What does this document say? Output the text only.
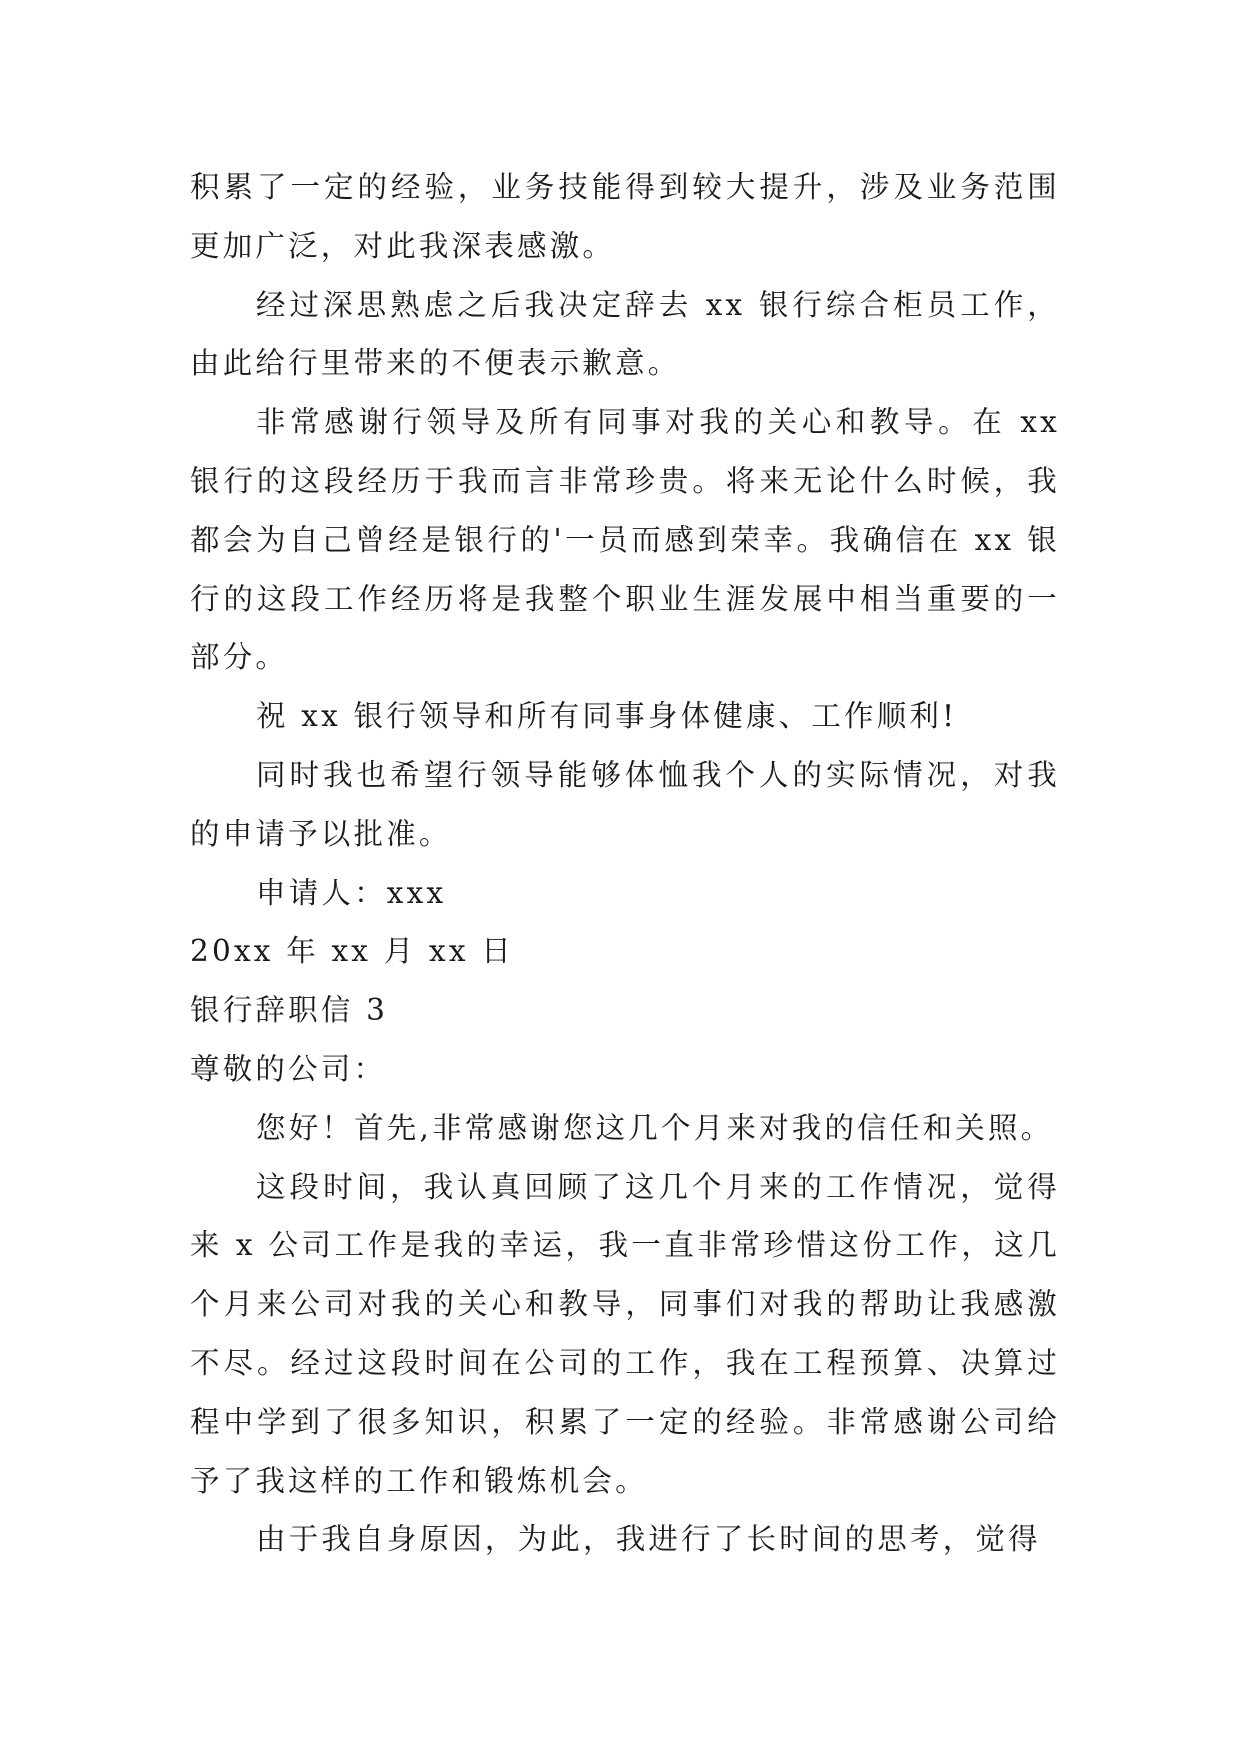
积累了一定的经验，业务技能得到较大提升，涉及业务范围更加广泛，对此我深表感激。

经过深思熟虑之后我决定辞去 xx 银行综合柜员工作，由此给行里带来的不便表示歉意。

非常感谢行领导及所有同事对我的关心和教导。在 xx 银行的这段经历于我而言非常珍贵。将来无论什么时候，我都会为自己曾经是银行的'一员而感到荣幸。我确信在 xx 银行的这段工作经历将是我整个职业生涯发展中相当重要的一部分。

祝 xx 银行领导和所有同事身体健康、工作顺利!

同时我也希望行领导能够体恤我个人的实际情况，对我的申请予以批准。

申请人：xxx

20xx 年 xx 月 xx 日

银行辞职信 3

尊敬的公司：

您好！首先,非常感谢您这几个月来对我的信任和关照。

这段时间，我认真回顾了这几个月来的工作情况，觉得来 x 公司工作是我的幸运，我一直非常珍惜这份工作，这几个月来公司对我的关心和教导，同事们对我的帮助让我感激不尽。经过这段时间在公司的工作，我在工程预算、决算过程中学到了很多知识，积累了一定的经验。非常感谢公司给予了我这样的工作和锻炼机会。

由于我自身原因，为此，我进行了长时间的思考，觉得
